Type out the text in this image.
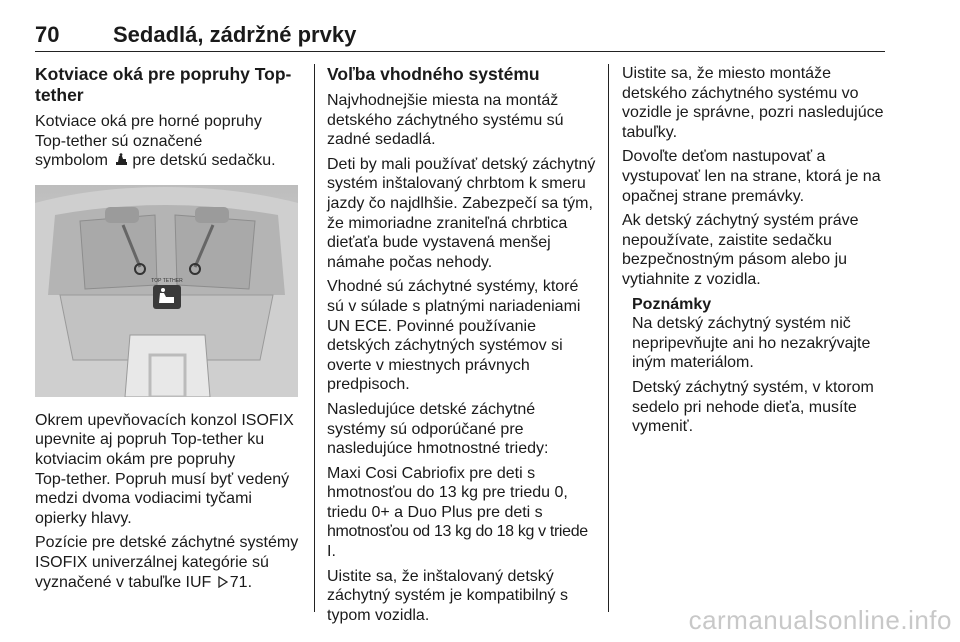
70 Sedadlá, zádržné prvky
Kotviace oká pre popruhy Top-
tether

Kotviace oká pre horné popruhy
Top-tether sú označené
symbolom pre detskú sedačku.

TOP TETHER

Okrem upevňovacích konzol ISOFIX
upevnite aj popruh Top-tether ku
kotviacim okám pre popruhy
Top-tether. Popruh musí byť vedený
medzi dvoma vodiacimi tyčami
opierky hlavy.

Pozície pre detské záchytné systémy
ISOFIX univerzálnej kategórie sú
vyznačené v tabuľke IUF 71.

Voľba vhodného systému

Najvhodnejšie miesta na montáž
detského záchytného systému sú
zadné sedadlá.

Deti by mali používať detský záchytný
systém inštalovaný chrbtom k smeru
jazdy čo najdlhšie. Zabezpečí sa tým,
že mimoriadne zraniteľná chrbtica
dieťaťa bude vystavená menšej
námahe počas nehody.

Vhodné sú záchytné systémy, ktoré
sú v súlade s platnými nariadeniami
UN ECE. Povinné používanie
detských záchytných systémov si
overte v miestnych právnych
predpisoch.

Nasledujúce detské záchytné
systémy sú odporúčané pre
nasledujúce hmotnostné triedy:

Maxi Cosi Cabriofix pre deti s
hmotnosťou do 13 kg pre triedu 0,
triedu 0+ a Duo Plus pre deti s
hmotnosťou od 13 kg do 18 kg v triede
I.

Uistite sa, že inštalovaný detský
záchytný systém je kompatibilný s
typom vozidla.

Uistite sa, že miesto montáže
detského záchytného systému vo
vozidle je správne, pozri nasledujúce
tabuľky.

Dovoľte deťom nastupovať a
vystupovať len na strane, ktorá je na
opačnej strane premávky.

Ak detský záchytný systém práve
nepoužívate, zaistite sedačku
bezpečnostným pásom alebo ju
vytiahnite z vozidla.

Poznámky

Na detský záchytný systém nič
nepripevňujte ani ho nezakrývajte
iným materiálom.

Detský záchytný systém, v ktorom
sedelo pri nehode dieťa, musíte
vymeniť.

carmanualsonline.info
